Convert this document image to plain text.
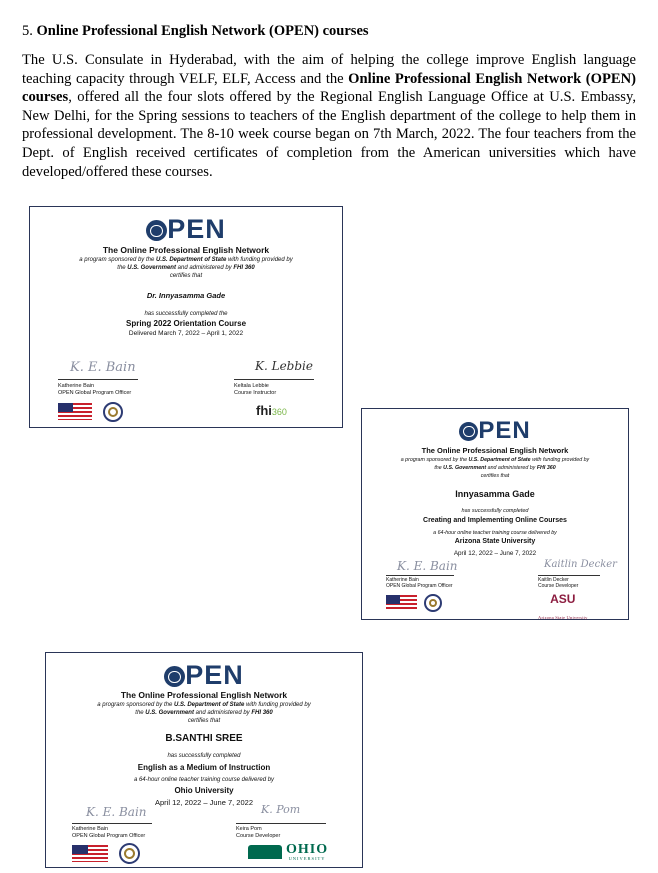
5. Online Professional English Network (OPEN) courses
The U.S. Consulate in Hyderabad, with the aim of helping the college improve English language teaching capacity through VELF, ELF, Access and the Online Professional English Network (OPEN) courses, offered all the four slots offered by the Regional English Language Office at U.S. Embassy, New Delhi, for the Spring sessions to teachers of the English department of the college to help them in professional development. The 8-10 week course began on 7th March, 2022. The four teachers from the Dept. of English received certificates of completion from the American universities which have developed/offered these courses.
PEN
The Online Professional English Network
a program sponsored by the U.S. Department of State with funding provided by
the U.S. Government and administered by FHI 360
certifies that
Dr. Innyasamma Gade
has successfully completed the
Spring 2022 Orientation Course
Delivered March 7, 2022 – April 1, 2022
K. E. Bain
Katherine Bain
OPEN Global Program Officer
K. Lebbie
Keltala Lebbie
Course Instructor
fhi360
PEN
The Online Professional English Network
a program sponsored by the U.S. Department of State with funding provided by
the U.S. Government and administered by FHI 360
certifies that
Innyasamma Gade
has successfully completed
Creating and Implementing Online Courses
a 64-hour online teacher training course delivered by
Arizona State University
April 12, 2022 – June 7, 2022
K. E. Bain
Katherine Bain
OPEN Global Program Officer
Kaitlin Decker
Kaitlin Decker
Course Developer
ASU
Arizona State University
PEN
The Online Professional English Network
a program sponsored by the U.S. Department of State with funding provided by
the U.S. Government and administered by FHI 360
certifies that
B.SANTHI SREE
has successfully completed
English as a Medium of Instruction
a 64-hour online teacher training course delivered by
Ohio University
April 12, 2022 – June 7, 2022
K. E. Bain
Katherine Bain
OPEN Global Program Officer
K. Pom
Keira Pom
Course Developer

OHIO
UNIVERSITY
